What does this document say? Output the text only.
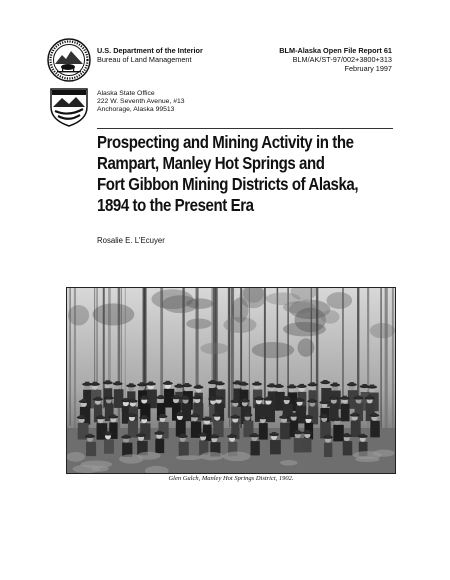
U.S. Department of the Interior
Bureau of Land Management
BLM-Alaska Open File Report 61
BLM/AK/ST-97/002+3800+313
February 1997
Alaska State Office
222 W. Seventh Avenue, #13
Anchorage, Alaska 99513
Prospecting and Mining Activity in the
Rampart, Manley Hot Springs and
Fort Gibbon Mining Districts of Alaska,
1894 to the Present Era
Rosalie E. L'Ecuyer
Glen Gulch, Manley Hot Springs District, 1902.
